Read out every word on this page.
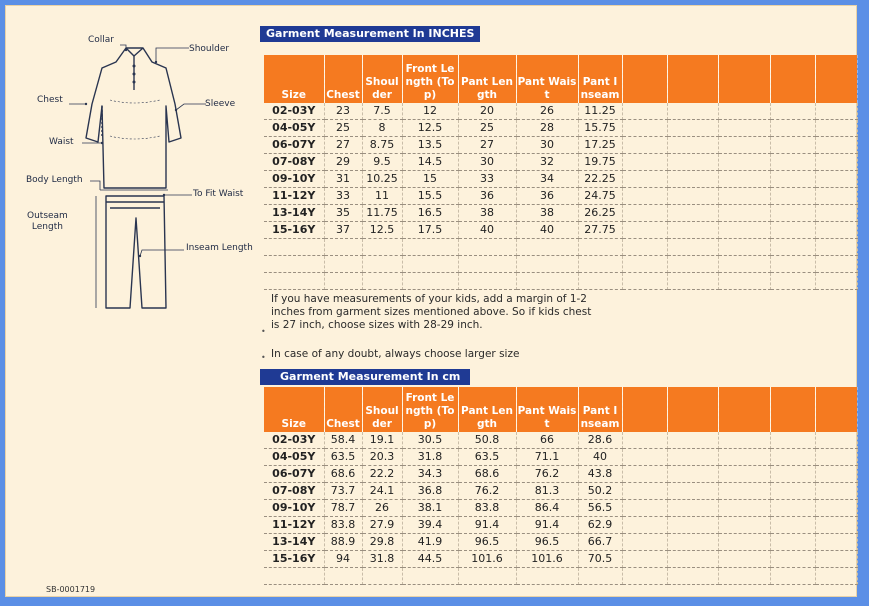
Collar
Shoulder
Chest	Sleeve
Waist
Body Length
To Fit Waist
Outseam
Length
Inseam Length
Garment Measurement In INCHES
Size	Chest	Shoulder	Front Length (Top)	Pant Length	Pant Waist	Pant Inseam					
02-03Y	23	7.5	12	20	26	11.25					
04-05Y	25	8	12.5	25	28	15.75					
06-07Y	27	8.75	13.5	27	30	17.25					
07-08Y	29	9.5	14.5	30	32	19.75					
09-10Y	31	10.25	15	33	34	22.25					
11-12Y	33	11	15.5	36	36	24.75					
13-14Y	35	11.75	16.5	38	38	26.25					
15-16Y	37	12.5	17.5	40	40	27.75					

•
If you have measurements of your kids, add a margin of 1-2 inches from garment sizes mentioned above. So if kids chest is 27 inch, choose sizes with 28-29 inch.
• In case of any doubt, always choose larger size
Garment Measurement In cm
Size	Chest	Shoulder	Front Length (Top)	Pant Length	Pant Waist	Pant Inseam					
02-03Y	58.4	19.1	30.5	50.8	66	28.6					
04-05Y	63.5	20.3	31.8	63.5	71.1	40					
06-07Y	68.6	22.2	34.3	68.6	76.2	43.8					
07-08Y	73.7	24.1	36.8	76.2	81.3	50.2					
09-10Y	78.7	26	38.1	83.8	86.4	56.5					
11-12Y	83.8	27.9	39.4	91.4	91.4	62.9					
13-14Y	88.9	29.8	41.9	96.5	96.5	66.7					
15-16Y	94	31.8	44.5	101.6	101.6	70.5					

SB-0001719
